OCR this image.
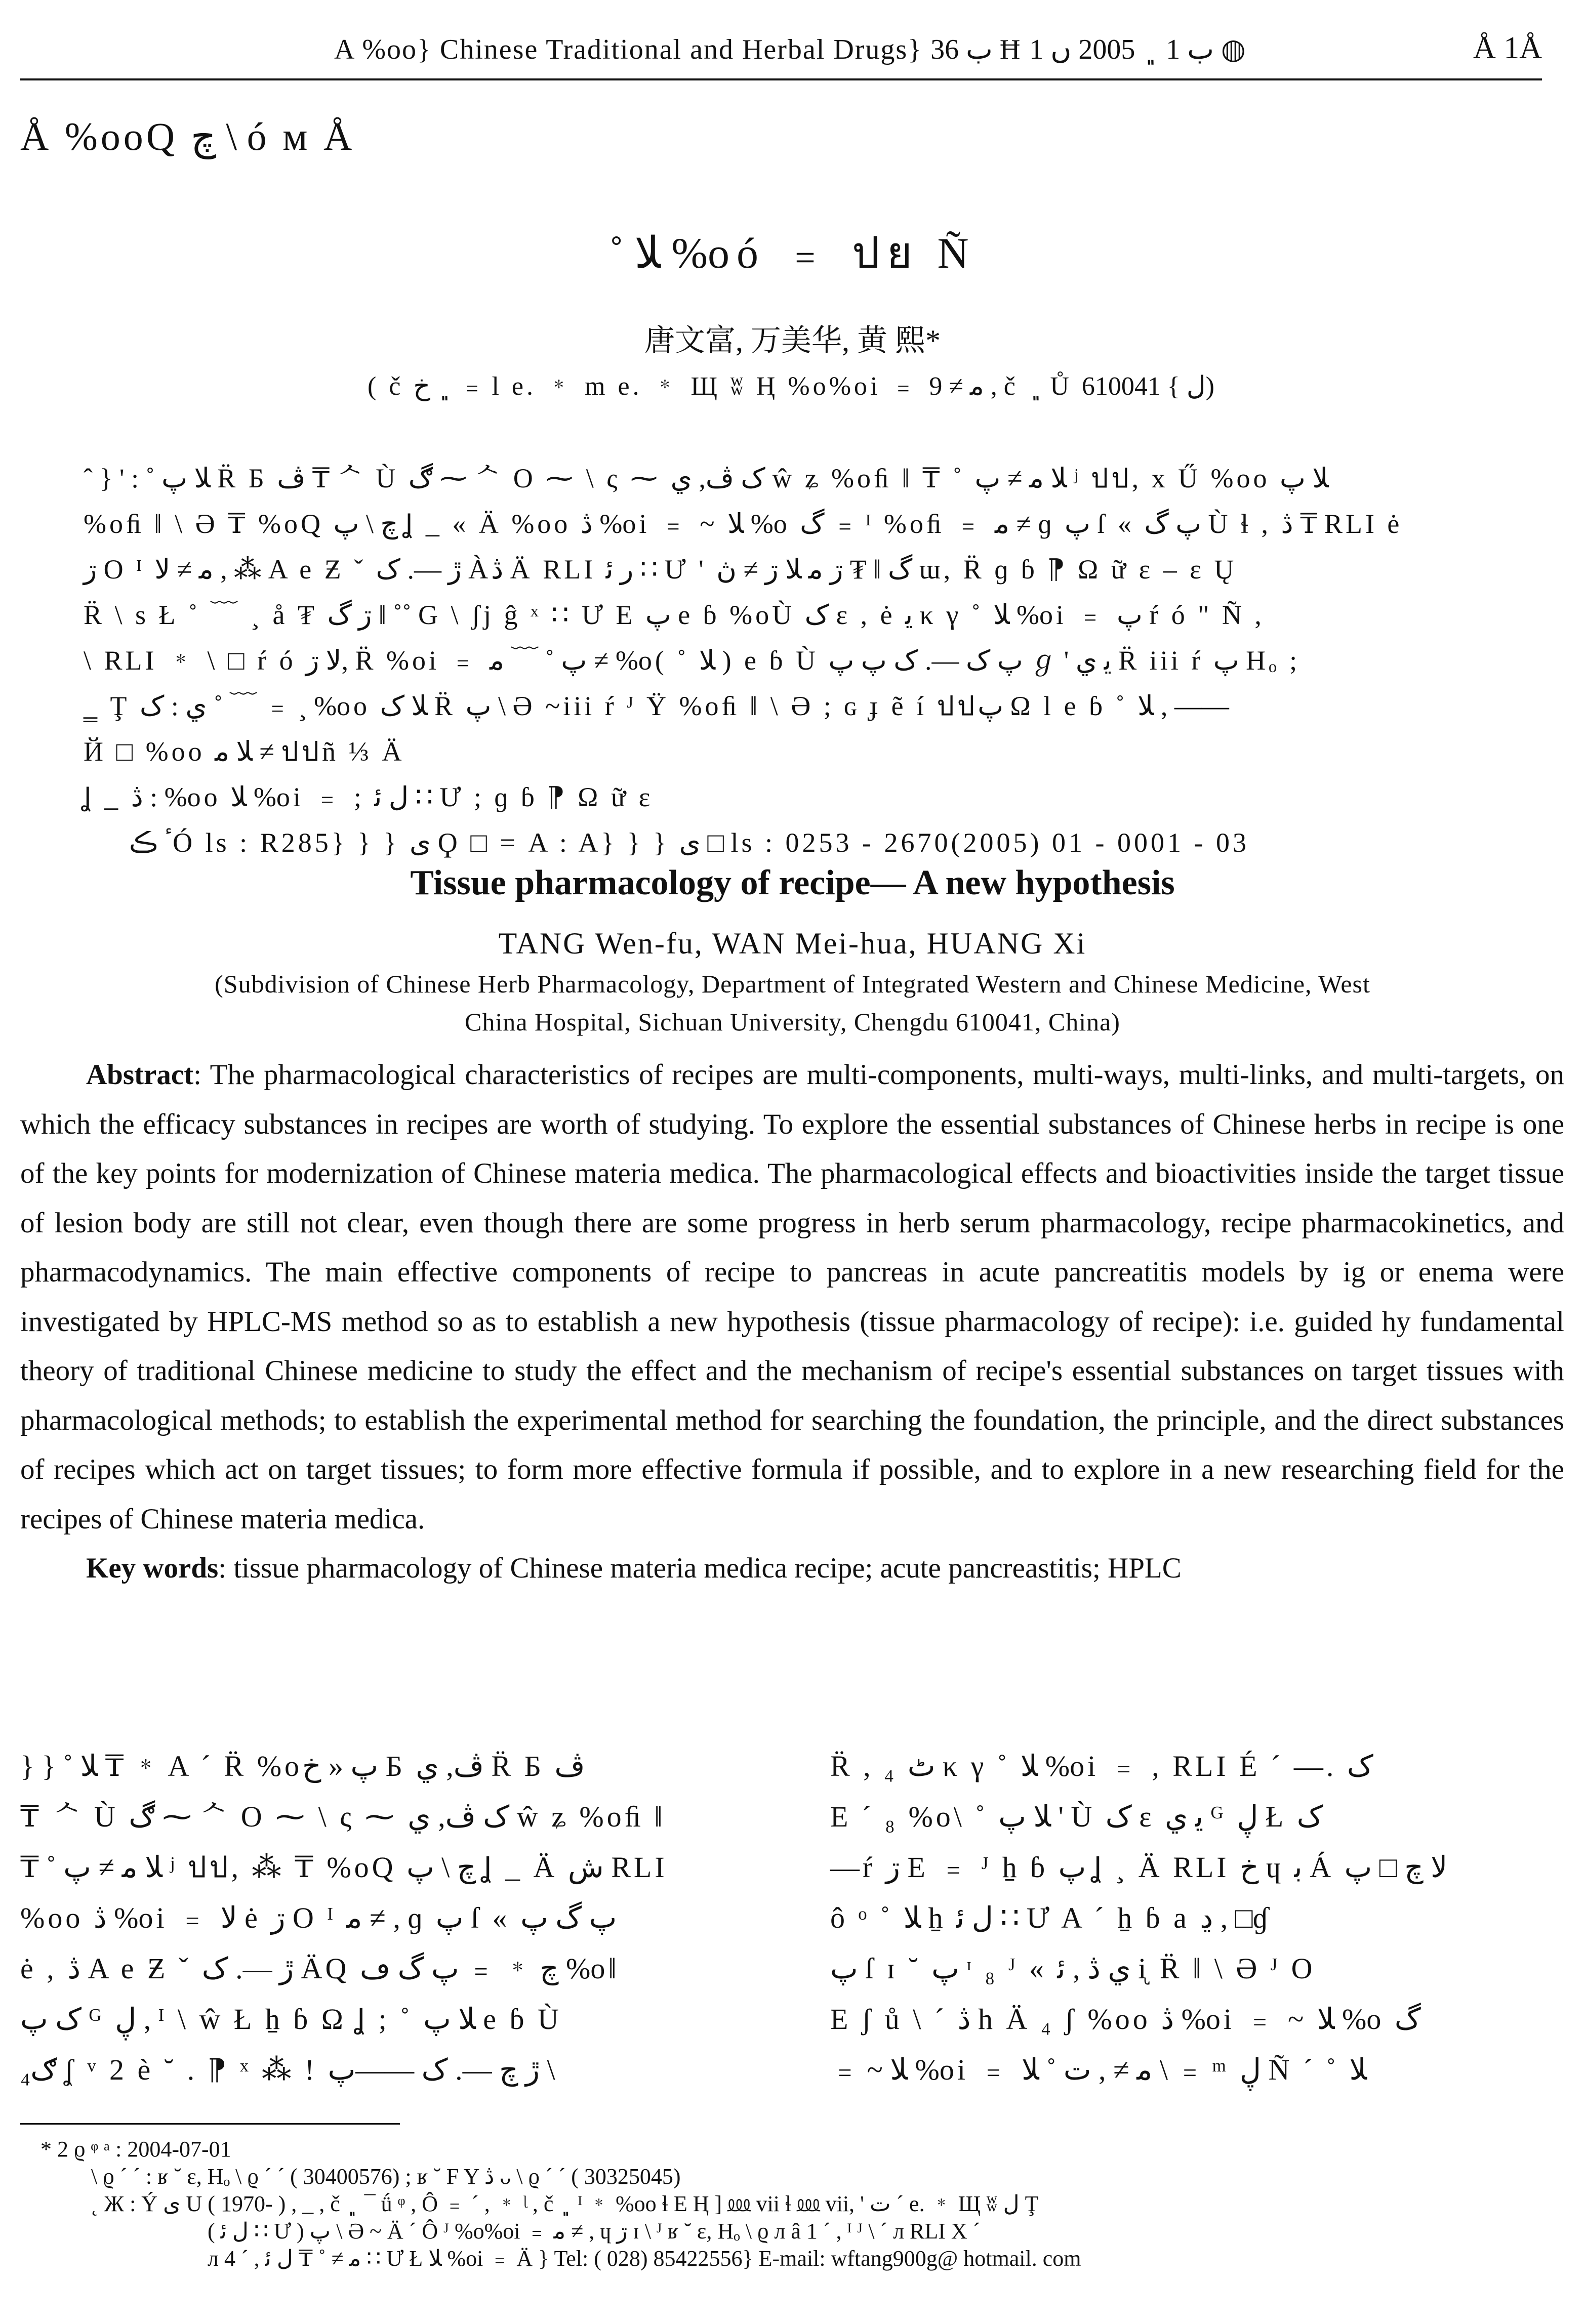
A %oo} Chinese Traditional and Herbal Drugs} ب 36 Ħ ب 1 ﮼ 2005 ں 1 ◍	Å 1Å
Å %ooQ چ \ ó м Å
˚ ﻼ %oó ﹦ ปย Ñ
唐文富, 万美华, 黄 熙*
( č ﮼ خ ﹦ l e. ﹡ m e. ﹡ Щ ʬ Ⱨ %o%oi ﹦ ﻣ ≠ 9 , č ﮼ Ů ل } 610041)
ˆ } ' : ˚ ﻼ ﭖ R̈ Б ڤ ₸ ᄉ Ù ڰ ⁓ ᄉ O ⁓ \ ς ⁓ ک ڤ, ي ŵ ʑ %oﬁ ‖ ₸ ˚ ﻼ ﻣ ≠ ﭖ ʲ ปป, x Ű %oo ﻼ ﭖ
%oﬁ ‖ \ Ә ₸ %oQ چ \ ﭖ Ʝ _ « Ä %oo ڎ %oi ﹦ ~ ﻼ %o گ ﹦ ᴵ %oﬁ ﹦ ﻣ ≠ ɡ ﭖ ſ « ﭖ گ Ù ɬ , ڎ ₸ RLI ė
ڗ O ᴵ ﻣ ≠ ﻻ , ⁂ A e Ƶ ˇ ڙ —. ک Àڎ Ä RLI ﺭ ﺋ ∷ Ư ' گ ‖ ₮ ڗ ﻣ ﻼ ڗ ≠ ڽ ɯ, R̈ ɡ ɓ ⁋ Ω ữ ɛ – ɛ Ų
R̈ \ s Ł ˚ ﹋ ¸ å ₮ ڗ گ ‖ ˚˚ G \ ʃj ĝ ˣ ∷ Ư E ﭖ e ɓ %oÙ ک ɛ , ė ﻳ κ γ ˚ ﻼ %oi ﹦ ﭖ ŕ ó " Ñ ,
\ RLI ﹡ \ □ ŕ ó ﻻ ڗ, R̈ %oi ﹦ ﭖ ˚ ﹋ ﻣ ≠ %o( ˚ ﻼ ) e ɓ Ù ﭖ ک —. ک ﭖ ﭖ ℊ ' ﻳ ي R̈ iii ŕ ﭖ Hₒ ;
‗ Ţ ي : ک ˚ ﹋ ﹦ ¸ %oo ﻼ ک R̈ ﭖ \ Ә ~iii ŕ ᴶ Ÿ %oﬁ ‖ \ Ә ; ɢ ɟ ẽ í ปปﭖ Ω l e ɓ ˚ ﻼ , ——
Й □ %oo ﻼ ﻣ ≠ ปปñ ⅓ Ä
Ʝ _ ڎ : %oo ﻼ %oi ﹦ ; ﻝ ﺋ ∷ Ư ; ɡ ɓ ⁋ Ω ữ ɛ
ٴ ڪÓ ls : R285} } } ى Ϙ □ = A : A} } } ى □ ls : 0253 - 2670(2005) 01 - 0001 - 03
Tissue pharmacology of recipe— A new hypothesis
TANG Wen-fu, WAN Mei-hua, HUANG Xi
(Subdivision of Chinese Herb Pharmacology, Department of Integrated Western and Chinese Medicine, West
China Hospital, Sichuan University, Chengdu 610041, China)

Abstract: The pharmacological characteristics of recipes are multi-components, multi-ways, multi-links, and multi-targets, on which the efficacy substances in recipes are worth of studying. To explore the essential substances of Chinese herbs in recipe is one of the key points for modernization of Chinese materia medica. The pharmacological effects and bioactivities inside the target tissue of lesion body are still not clear, even though there are some progress in herb serum pharmacology, recipe pharmacokinetics, and pharmacodynamics. The main effective components of recipe to pancreas in acute pancreatitis models by ig or enema were investigated by HPLC-MS method so as to establish a new hypothesis (tissue pharmacology of recipe): i.e. guided hy fundamental theory of traditional Chinese medicine to study the effect and the mechanism of recipe's essential substances on target tissues with pharmacological methods; to establish the experimental method for searching the foundation, the principle, and the direct substances of recipes which act on target tissues; to form more effective formula if possible, and to explore in a new researching field for the recipes of Chinese materia medica.

Key words: tissue pharmacology of Chinese materia medica recipe; acute pancreastitis; HPLC

} } ˚ ﻼ ₸ ﹡ A ˊ R̈ %oﭖ « خ Б ڤ, ي R̈ Б ڤ
₸ ᄉ Ù ڰ ⁓ ᄉ O ⁓ \ ς ⁓ ک ڤ, ي ŵ ʑ %oﬁ ‖
₸ ˚ ﻼ ﻣ ≠ ﭖ ʲ ปป, ⁂ ₸ %oQ چ \ ﭖ Ʝ _ Ä ش RLI
%oo ڎ %oi ﹦ ﻻ ė ڗ O ᴵ ﻣ ≠ , ɡ ﭖ ſ « ﭖ گ ﭖ
ė , ڎ A e Ƶ ˇ ڙ —. ک ÄQ چ ﹡ ﹦ ﭖ گ ڡ %o‖
ک ﭖ ᴳ ڸ , ᴵ \ ŵ Ł ẖ ɓ Ω Ʝ ; ˚ ﻼ ﭖ e ɓ Ù
ګ₄ ʆ ᵛ 2 è ˘ . ⁋ ˣ ⁂ ! ڙ چ —. ک ——ﭖ \
R̈ , ₄ ٹ κ γ ˚ ﻼ %oi ﹦ , RLI É ˊ —. ک
E ˊ ₈ %o\ ˚ ﻼ ﭖ ' Ù ک ɛ ﻳ ي ᴳ ڸ Ł ک
—ŕ ڗ E ﹦ ᴶ ẖ ɓ ﭖ Ʝ ¸ Ä RLI خ ɥ ﺑ Á ﻻ چ □ ﭖ
ô ᵒ ˚ ﻼ ẖ ﻝ ﺋ ∷ Ư A ˊ ẖ ɓ a ڍ , □ɠ
ﭖ ſ ɪ ˘ ﭖ ᶦ ₈ ᴶ « ي ڎ , ﺋ ᶖ R̈ ‖ \ Ә ᴶ O
E ʃ ů \ ˊ ڎ h Ä ₄ ʃ %oo ڎ %oi ﹦ ~ ﻼ %o گ
﹦ ~ ﻼ %oi ﹦ ﻣ ≠ , ت ˚ ﻼ \ ﹦ ᵐ ڸ Ñ ˊ ˚ ﻼ
* 2 ϱ ᵠ ᵃ : 2004-07-01
\ ϱ ˊ ˊ : ʁ ˘ ε, Hₒ \ ϱ ˊ ˊ ( 30400576) ; ʁ ˘ F Y ڎ ᴗ \ ϱ ˊ ˊ ( 30325045)
˛ Ж : Ý ى U ( 1970- ) , _ , č ﮼ ¯ ǘ ᵠ , Ô ﹦ ˊ , ﹡ ᶩ , č ﮼ ᴵ ﹡ %oo ɬ E Ⱨ ] ⅏ vii ɬ ⅏ vii, ' ت ˊ e. ﹡ Щ ʬ ﻝ Ţ
( ﻝ ﺋ ∷ Ư ) ﭖ \ Ә ~ Ä ˊ Ô ᴶ %o%oi ﹦ ﻣ ≠ , ɥ ڗ ɪ \ ᴶ ʁ ˘ ε, Hₒ \ ϱ л â 1 ˊ , ᴵ ᴶ \ ˊ л RLI X ˊ
л 4 ˊ , ﻣ ≠ ˚ ₸ ﻝ ﺋ ∷ Ư Ł ﻼ %oi ﹦ Ä } Tel: ( 028) 85422556} E-mail: wftang900g@ hotmail. com
